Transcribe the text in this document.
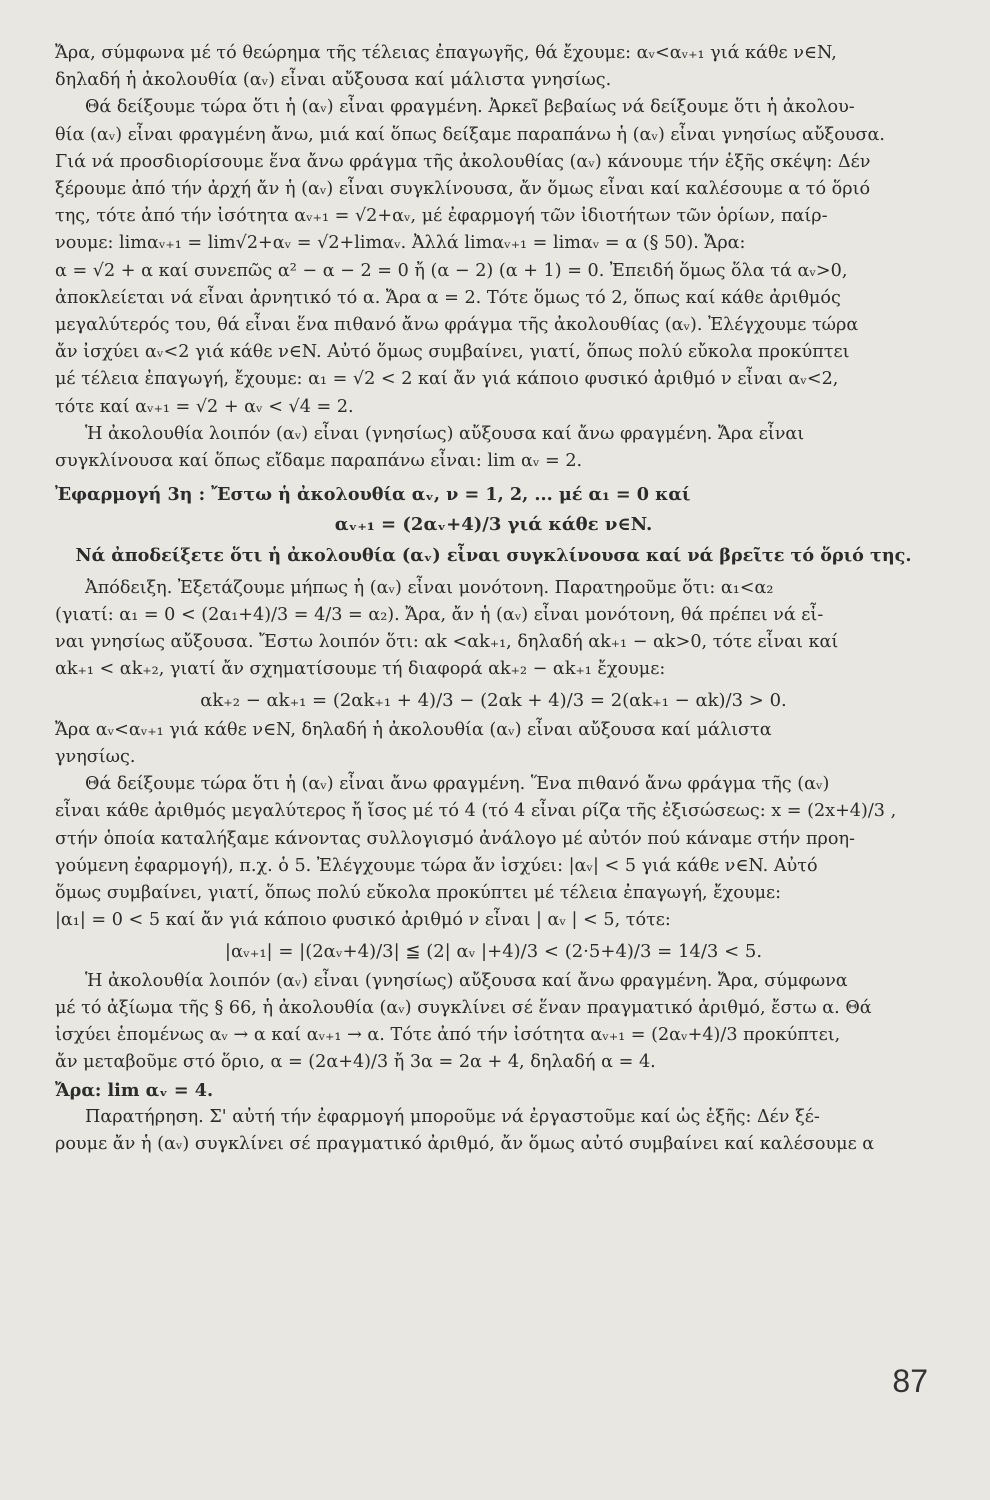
Ἄρα, σύμφωνα μέ τό θεώρημα τῆς τέλειας ἐπαγωγῆς, θά ἔχουμε: αᵥ<αᵥ₊₁ γιά κάθε ν∈N,

δηλαδή ἡ ἀκολουθία (αᵥ) εἶναι αὔξουσα καί μάλιστα γνησίως.

Θά δείξουμε τώρα ὅτι ἡ (αᵥ) εἶναι φραγμένη. Ἀρκεῖ βεβαίως νά δείξουμε ὅτι ἡ ἀκολου-

θία (αᵥ) εἶναι φραγμένη ἄνω, μιά καί ὅπως δείξαμε παραπάνω ἡ (αᵥ) εἶναι γνησίως αὔξουσα.

Γιά νά προσδιορίσουμε ἕνα ἄνω φράγμα τῆς ἀκολουθίας (αᵥ) κάνουμε τήν ἑξῆς σκέψη: Δέν

ξέρουμε ἀπό τήν ἀρχή ἄν ἡ (αᵥ) εἶναι συγκλίνουσα, ἄν ὅμως εἶναι καί καλέσουμε α τό ὅριό

της, τότε ἀπό τήν ἰσότητα αᵥ₊₁ = √2+αᵥ, μέ ἐφαρμογή τῶν ἰδιοτήτων τῶν ὁρίων, παίρ-

νουμε: limαᵥ₊₁ = lim√2+αᵥ = √2+limαᵥ. Ἀλλά limαᵥ₊₁ = limαᵥ = α (§ 50). Ἄρα:

α = √2 + α καί συνεπῶς α² − α − 2 = 0 ἤ (α − 2) (α + 1) = 0. Ἐπειδή ὅμως ὅλα τά αᵥ>0,

ἀποκλείεται νά εἶναι ἀρνητικό τό α. Ἄρα α = 2. Τότε ὅμως τό 2, ὅπως καί κάθε ἀριθμός

μεγαλύτερός του, θά εἶναι ἕνα πιθανό ἄνω φράγμα τῆς ἀκολουθίας (αᵥ). Ἐλέγχουμε τώρα

ἄν ἰσχύει αᵥ<2 γιά κάθε ν∈N. Αὐτό ὅμως συμβαίνει, γιατί, ὅπως πολύ εὔκολα προκύπτει

μέ τέλεια ἐπαγωγή, ἔχουμε: α₁ = √2 < 2 καί ἄν γιά κάποιο φυσικό ἀριθμό ν εἶναι αᵥ<2,

τότε καί αᵥ₊₁ = √2 + αᵥ < √4 = 2.

Ἡ ἀκολουθία λοιπόν (αᵥ) εἶναι (γνησίως) αὔξουσα καί ἄνω φραγμένη. Ἄρα εἶναι

συγκλίνουσα καί ὅπως εἴδαμε παραπάνω εἶναι: lim αᵥ = 2.

Ἐφαρμογή 3η : Ἔστω ἡ ἀκολουθία αᵥ, ν = 1, 2, ... μέ α₁ = 0 καί

αᵥ₊₁ = (2αᵥ+4)/3 γιά κάθε ν∈N.

Νά ἀποδείξετε ὅτι ἡ ἀκολουθία (αᵥ) εἶναι συγκλίνουσα καί νά βρεῖτε τό ὅριό της.

Ἀπόδειξη. Ἐξετάζουμε μήπως ἡ (αᵥ) εἶναι μονότονη. Παρατηροῦμε ὅτι: α₁<α₂

(γιατί: α₁ = 0 < (2α₁+4)/3 = 4/3 = α₂). Ἄρα, ἄν ἡ (αᵥ) εἶναι μονότονη, θά πρέπει νά εἶ-

ναι γνησίως αὔξουσα. Ἔστω λοιπόν ὅτι: αk <αk₊₁, δηλαδή αk₊₁ − αk>0, τότε εἶναι καί

αk₊₁ < αk₊₂, γιατί ἄν σχηματίσουμε τή διαφορά αk₊₂ − αk₊₁ ἔχουμε:

αk₊₂ − αk₊₁ = (2αk₊₁ + 4)/3 − (2αk + 4)/3 = 2(αk₊₁ − αk)/3 > 0.

Ἄρα αᵥ<αᵥ₊₁ γιά κάθε ν∈N, δηλαδή ἡ ἀκολουθία (αᵥ) εἶναι αὔξουσα καί μάλιστα

γνησίως.

Θά δείξουμε τώρα ὅτι ἡ (αᵥ) εἶναι ἄνω φραγμένη. Ἕνα πιθανό ἄνω φράγμα τῆς (αᵥ)

εἶναι κάθε ἀριθμός μεγαλύτερος ἤ ἴσος μέ τό 4 (τό 4 εἶναι ρίζα τῆς ἐξισώσεως: x = (2x+4)/3 ,

στήν ὁποία καταλήξαμε κάνοντας συλλογισμό ἀνάλογο μέ αὐτόν πού κάναμε στήν προη-

γούμενη ἐφαρμογή), π.χ. ὁ 5. Ἐλέγχουμε τώρα ἄν ἰσχύει: |αᵥ| < 5 γιά κάθε ν∈N. Αὐτό

ὅμως συμβαίνει, γιατί, ὅπως πολύ εὔκολα προκύπτει μέ τέλεια ἐπαγωγή, ἔχουμε:

|α₁| = 0 < 5 καί ἄν γιά κάποιο φυσικό ἀριθμό ν εἶναι | αᵥ | < 5, τότε:

|αᵥ₊₁| = |(2αᵥ+4)/3| ≦ (2| αᵥ |+4)/3 < (2·5+4)/3 = 14/3 < 5.

Ἡ ἀκολουθία λοιπόν (αᵥ) εἶναι (γνησίως) αὔξουσα καί ἄνω φραγμένη. Ἄρα, σύμφωνα

μέ τό ἀξίωμα τῆς § 66, ἡ ἀκολουθία (αᵥ) συγκλίνει σέ ἕναν πραγματικό ἀριθμό, ἔστω α. Θά

ἰσχύει ἑπομένως αᵥ → α καί αᵥ₊₁ → α. Τότε ἀπό τήν ἰσότητα αᵥ₊₁ = (2αᵥ+4)/3 προκύπτει,

ἄν μεταβοῦμε στό ὅριο, α = (2α+4)/3 ἤ 3α = 2α + 4, δηλαδή α = 4.

Ἄρα: lim αᵥ = 4.

Παρατήρηση. Σ' αὐτή τήν ἐφαρμογή μποροῦμε νά ἐργαστοῦμε καί ὡς ἑξῆς: Δέν ξέ-

ρουμε ἄν ἡ (αᵥ) συγκλίνει σέ πραγματικό ἀριθμό, ἄν ὅμως αὐτό συμβαίνει καί καλέσουμε α

87
